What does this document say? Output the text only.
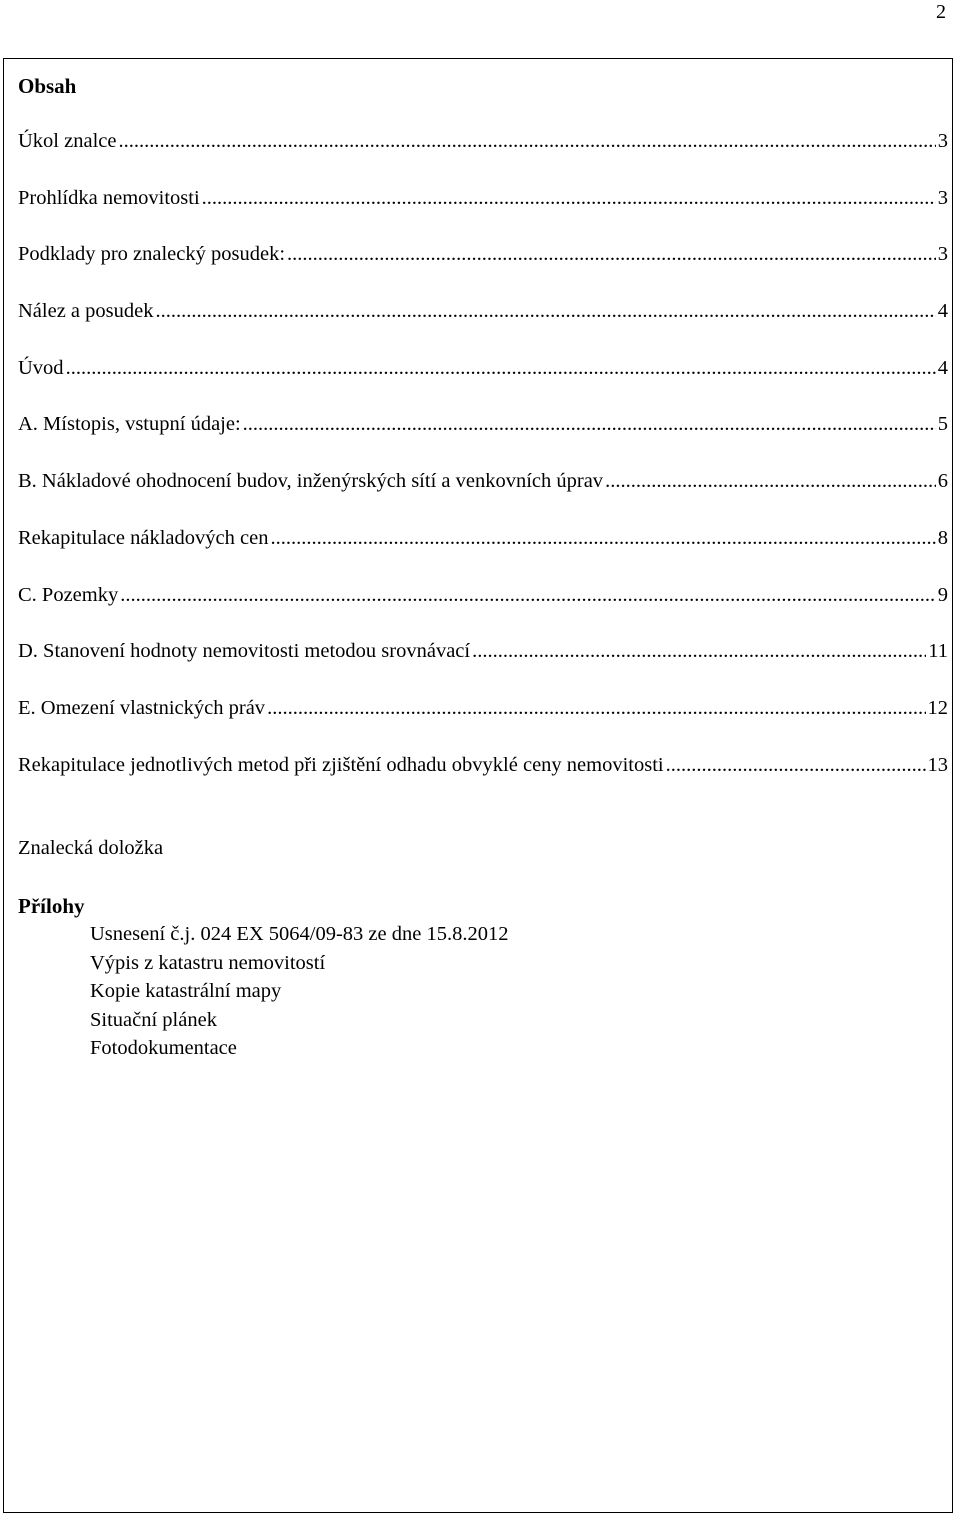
2
Obsah
Úkol znalce .....	3
Prohlídka nemovitosti .....	3
Podklady pro znalecký posudek: .....	3
Nález a posudek .....	4
Úvod .....	4
A. Místopis, vstupní údaje: .....	5
B. Nákladové ohodnocení budov, inženýrských sítí a venkovních úprav .....	6
Rekapitulace nákladových cen .....	8
C. Pozemky .....	9
D. Stanovení hodnoty nemovitosti metodou srovnávací .....	11
E. Omezení vlastnických práv .....	12
Rekapitulace jednotlivých metod při zjištění odhadu obvyklé ceny nemovitosti .....	13
Znalecká doložka
Přílohy
Usnesení č.j. 024 EX 5064/09-83 ze dne 15.8.2012
Výpis z katastru nemovitostí
Kopie katastrální mapy
Situační plánek
Fotodokumentace
